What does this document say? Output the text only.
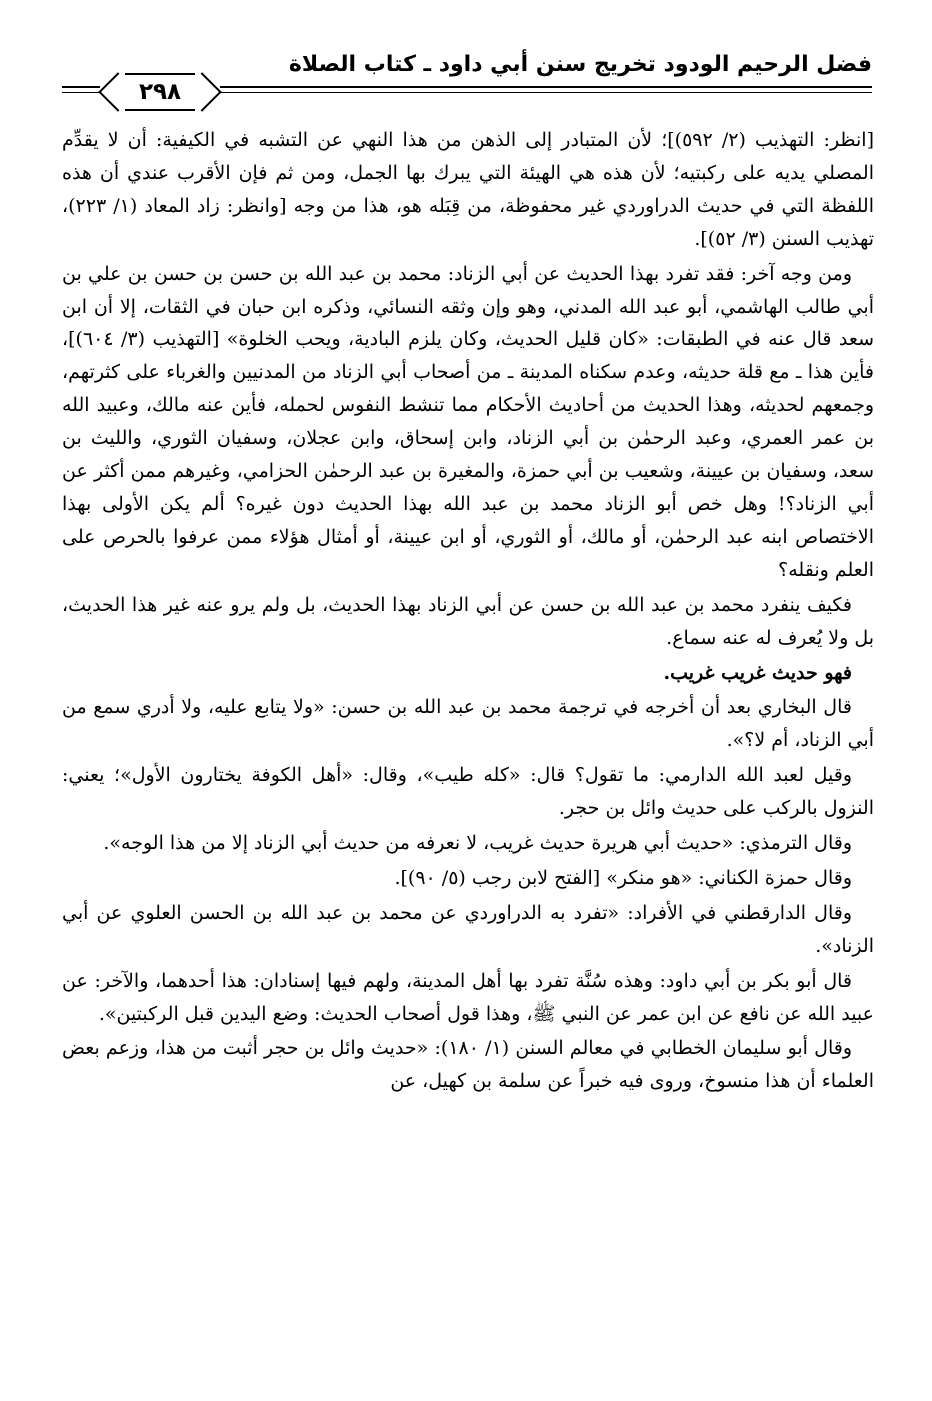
فضل الرحيم الودود تخريج سنن أبي داود ـ كتاب الصلاة
٢٩٨

[انظر: التهذيب (٢/ ٥٩٢)]؛ لأن المتبادر إلى الذهن من هذا النهي عن التشبه في الكيفية: أن لا يقدِّم المصلي يديه على ركبتيه؛ لأن هذه هي الهيئة التي يبرك بها الجمل، ومن ثم فإن الأقرب عندي أن هذه اللفظة التي في حديث الدراوردي غير محفوظة، من قِبَله هو، هذا من وجه [وانظر: زاد المعاد (١/ ٢٢٣)، تهذيب السنن (٣/ ٥٢)].

ومن وجه آخر: فقد تفرد بهذا الحديث عن أبي الزناد: محمد بن عبد الله بن حسن بن حسن بن علي بن أبي طالب الهاشمي، أبو عبد الله المدني، وهو وإن وثقه النسائي، وذكره ابن حبان في الثقات، إلا أن ابن سعد قال عنه في الطبقات: «كان قليل الحديث، وكان يلزم البادية، ويحب الخلوة» [التهذيب (٣/ ٦٠٤)]، فأين هذا ـ مع قلة حديثه، وعدم سكناه المدينة ـ من أصحاب أبي الزناد من المدنيين والغرباء على كثرتهم، وجمعهم لحديثه، وهذا الحديث من أحاديث الأحكام مما تنشط النفوس لحمله، فأين عنه مالك، وعبيد الله بن عمر العمري، وعبد الرحمٰن بن أبي الزناد، وابن إسحاق، وابن عجلان، وسفيان الثوري، والليث بن سعد، وسفيان بن عيينة، وشعيب بن أبي حمزة، والمغيرة بن عبد الرحمٰن الحزامي، وغيرهم ممن أكثر عن أبي الزناد؟! وهل خص أبو الزناد محمد بن عبد الله بهذا الحديث دون غيره؟ ألم يكن الأولى بهذا الاختصاص ابنه عبد الرحمٰن، أو مالك، أو الثوري، أو ابن عيينة، أو أمثال هؤلاء ممن عرفوا بالحرص على العلم ونقله؟

فكيف ينفرد محمد بن عبد الله بن حسن عن أبي الزناد بهذا الحديث، بل ولم يرو عنه غير هذا الحديث، بل ولا يُعرف له عنه سماع.

فهو حديث غريب غريب.

قال البخاري بعد أن أخرجه في ترجمة محمد بن عبد الله بن حسن: «ولا يتابع عليه، ولا أدري سمع من أبي الزناد، أم لا؟».

وقيل لعبد الله الدارمي: ما تقول؟ قال: «كله طيب»، وقال: «أهل الكوفة يختارون الأول»؛ يعني: النزول بالركب على حديث وائل بن حجر.

وقال الترمذي: «حديث أبي هريرة حديث غريب، لا نعرفه من حديث أبي الزناد إلا من هذا الوجه».

وقال حمزة الكناني: «هو منكر» [الفتح لابن رجب (٥/ ٩٠)].

وقال الدارقطني في الأفراد: «تفرد به الدراوردي عن محمد بن عبد الله بن الحسن العلوي عن أبي الزناد».

قال أبو بكر بن أبي داود: وهذه سُنَّة تفرد بها أهل المدينة، ولهم فيها إسنادان: هذا أحدهما، والآخر: عن عبيد الله عن نافع عن ابن عمر عن النبي ﷺ، وهذا قول أصحاب الحديث: وضع اليدين قبل الركبتين».

وقال أبو سليمان الخطابي في معالم السنن (١/ ١٨٠): «حديث وائل بن حجر أثبت من هذا، وزعم بعض العلماء أن هذا منسوخ، وروى فيه خبراً عن سلمة بن كهيل، عن
